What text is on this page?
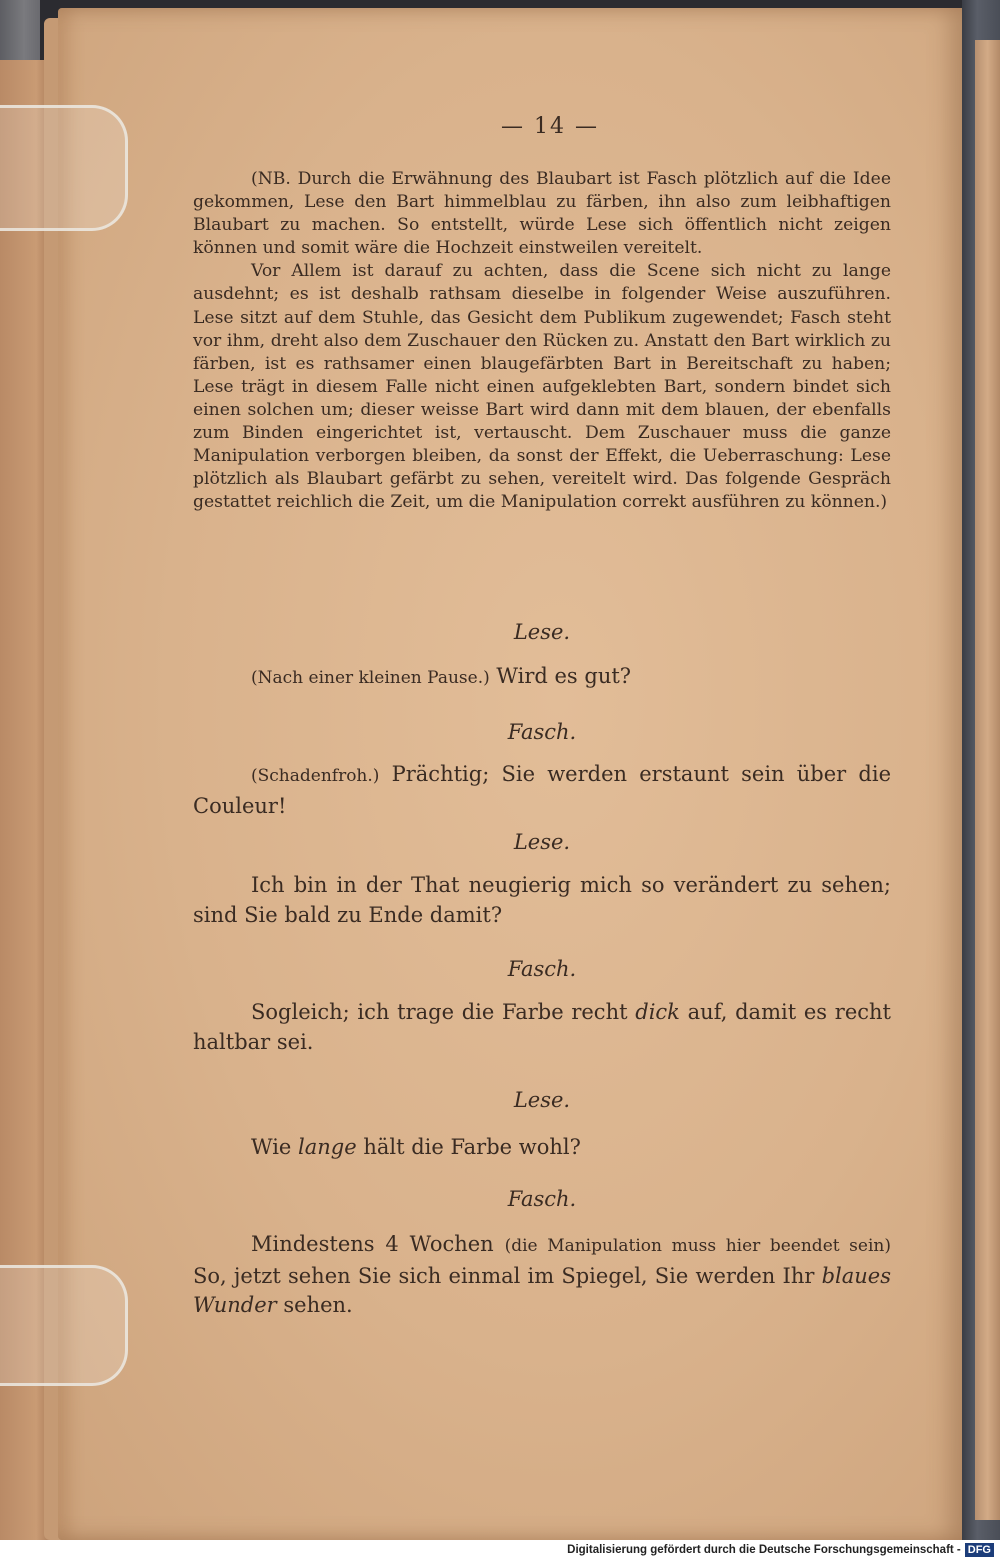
— 14 —

(NB. Durch die Erwähnung des Blaubart ist Fasch plötzlich auf die Idee gekommen, Lese den Bart himmelblau zu färben, ihn also zum leibhaftigen Blaubart zu machen. So entstellt, würde Lese sich öffentlich nicht zeigen können und somit wäre die Hochzeit einstweilen vereitelt.

Vor Allem ist darauf zu achten, dass die Scene sich nicht zu lange ausdehnt; es ist deshalb rathsam dieselbe in folgender Weise auszuführen. Lese sitzt auf dem Stuhle, das Gesicht dem Publikum zugewendet; Fasch steht vor ihm, dreht also dem Zuschauer den Rücken zu. Anstatt den Bart wirklich zu färben, ist es rathsamer einen blaugefärbten Bart in Bereitschaft zu haben; Lese trägt in diesem Falle nicht einen aufgeklebten Bart, sondern bindet sich einen solchen um; dieser weisse Bart wird dann mit dem blauen, der ebenfalls zum Binden eingerichtet ist, vertauscht. Dem Zuschauer muss die ganze Manipulation verborgen bleiben, da sonst der Effekt, die Ueberraschung: Lese plötzlich als Blaubart gefärbt zu sehen, vereitelt wird. Das folgende Gespräch gestattet reichlich die Zeit, um die Manipulation correkt ausführen zu können.)

Lese.
(Nach einer kleinen Pause.) Wird es gut?
Fasch.
(Schadenfroh.) Prächtig; Sie werden erstaunt sein über die Couleur!
Lese.
Ich bin in der That neugierig mich so verändert zu sehen; sind Sie bald zu Ende damit?
Fasch.
Sogleich; ich trage die Farbe recht dick auf, damit es recht haltbar sei.
Lese.
Wie lange hält die Farbe wohl?
Fasch.
Mindestens 4 Wochen (die Manipulation muss hier beendet sein) So, jetzt sehen Sie sich einmal im Spiegel, Sie werden Ihr blaues Wunder sehen.
Digitalisierung gefördert durch die Deutsche Forschungsgemeinschaft - DFG
